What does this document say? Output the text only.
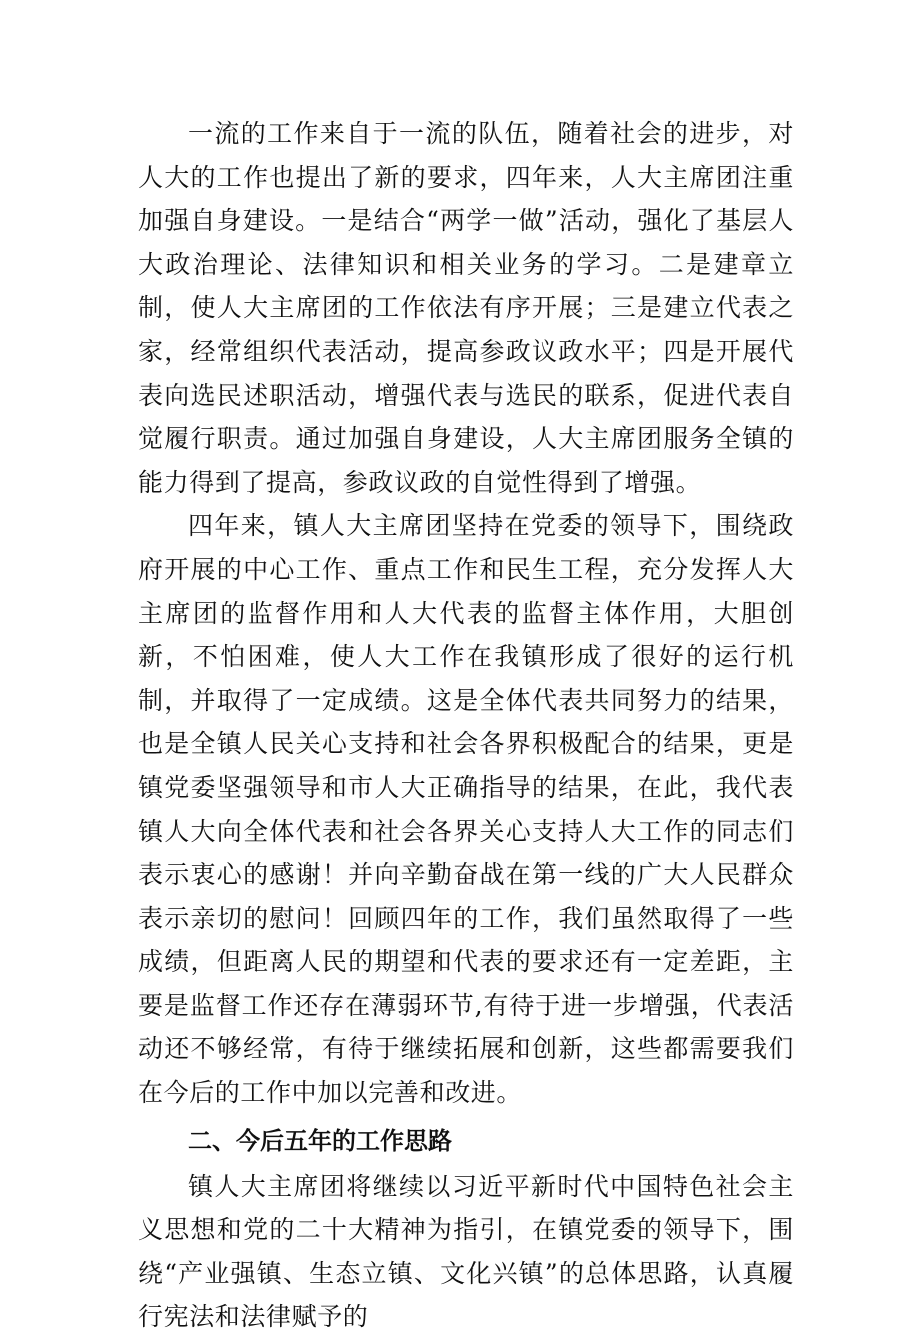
一流的工作来自于一流的队伍，随着社会的进步，对人大的工作也提出了新的要求，四年来，人大主席团注重加强自身建设。一是结合“两学一做”活动，强化了基层人大政治理论、法律知识和相关业务的学习。二是建章立制，使人大主席团的工作依法有序开展；三是建立代表之家，经常组织代表活动，提高参政议政水平；四是开展代表向选民述职活动，增强代表与选民的联系，促进代表自觉履行职责。通过加强自身建设，人大主席团服务全镇的能力得到了提高，参政议政的自觉性得到了增强。

四年来，镇人大主席团坚持在党委的领导下，围绕政府开展的中心工作、重点工作和民生工程，充分发挥人大主席团的监督作用和人大代表的监督主体作用，大胆创新，不怕困难，使人大工作在我镇形成了很好的运行机制，并取得了一定成绩。这是全体代表共同努力的结果，也是全镇人民关心支持和社会各界积极配合的结果，更是镇党委坚强领导和市人大正确指导的结果，在此，我代表镇人大向全体代表和社会各界关心支持人大工作的同志们表示衷心的感谢！并向辛勤奋战在第一线的广大人民群众表示亲切的慰问！回顾四年的工作，我们虽然取得了一些成绩，但距离人民的期望和代表的要求还有一定差距，主要是监督工作还存在薄弱环节,有待于进一步增强，代表活动还不够经常，有待于继续拓展和创新，这些都需要我们在今后的工作中加以完善和改进。

二、今后五年的工作思路

镇人大主席团将继续以习近平新时代中国特色社会主义思想和党的二十大精神为指引，在镇党委的领导下，围绕“产业强镇、生态立镇、文化兴镇”的总体思路，认真履行宪法和法律赋予的
